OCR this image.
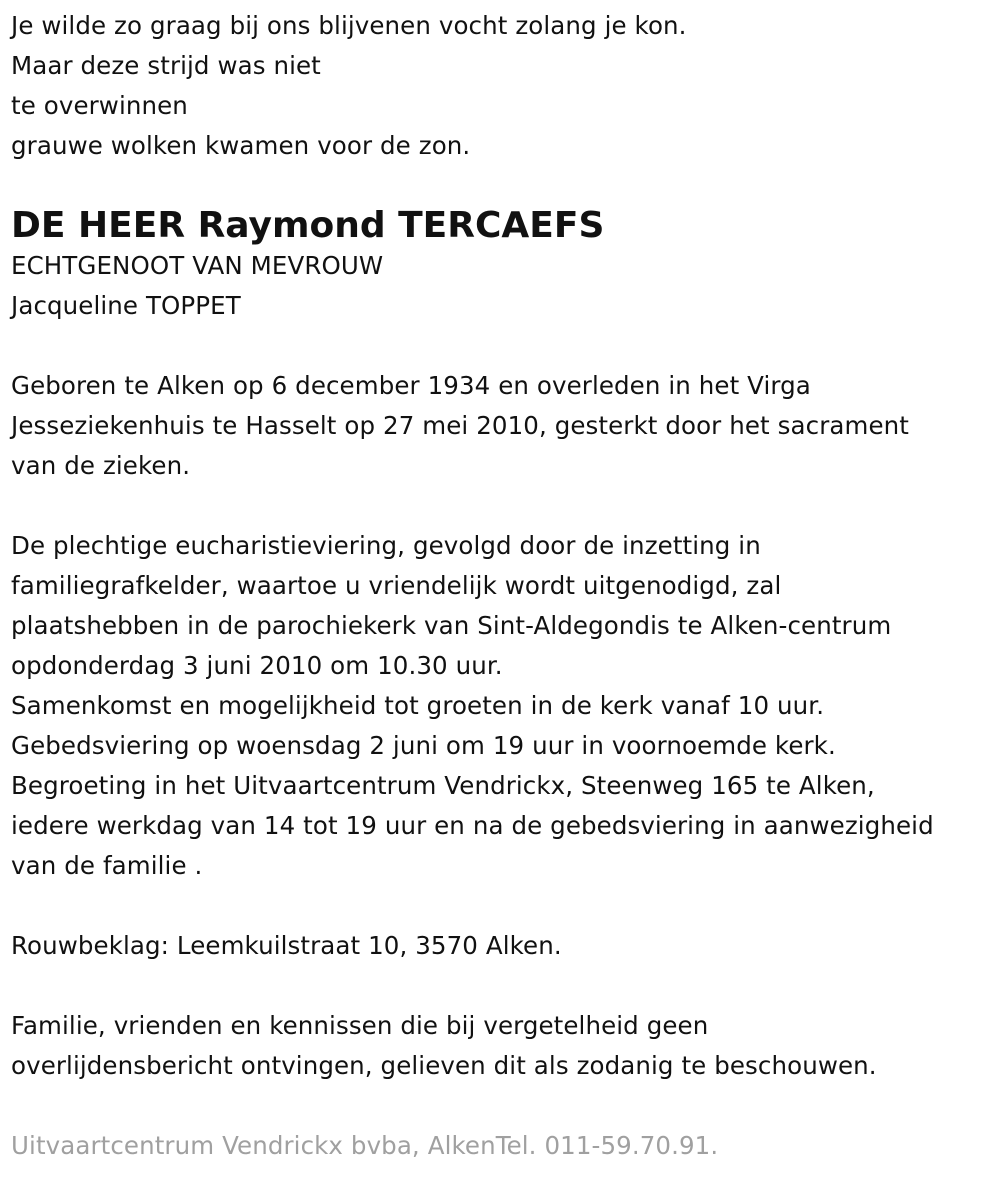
Je wilde zo graag bij ons blijvenen vocht zolang je kon.
Maar deze strijd was niet
te overwinnen
grauwe wolken kwamen voor de zon.
DE HEER Raymond TERCAEFS
ECHTGENOOT VAN MEVROUW
Jacqueline TOPPET
Geboren te Alken op 6 december 1934 en overleden in het Virga
Jesseziekenhuis te Hasselt op 27 mei 2010, gesterkt door het sacrament
van de zieken.
De plechtige eucharistieviering, gevolgd door de inzetting in
familiegrafkelder, waartoe u vriendelijk wordt uitgenodigd, zal
plaatshebben in de parochiekerk van Sint-Aldegondis te Alken-centrum
opdonderdag 3 juni 2010 om 10.30 uur.
Samenkomst en mogelijkheid tot groeten in de kerk vanaf 10 uur.
Gebedsviering op woensdag 2 juni om 19 uur in voornoemde kerk.
Begroeting in het Uitvaartcentrum Vendrickx, Steenweg 165 te Alken,
iedere werkdag van 14 tot 19 uur en na de gebedsviering in aanwezigheid
van de familie .
Rouwbeklag: Leemkuilstraat 10, 3570 Alken.
Familie, vrienden en kennissen die bij vergetelheid geen
overlijdensbericht ontvingen, gelieven dit als zodanig te beschouwen.
Uitvaartcentrum Vendrickx bvba, AlkenTel. 011-59.70.91.
